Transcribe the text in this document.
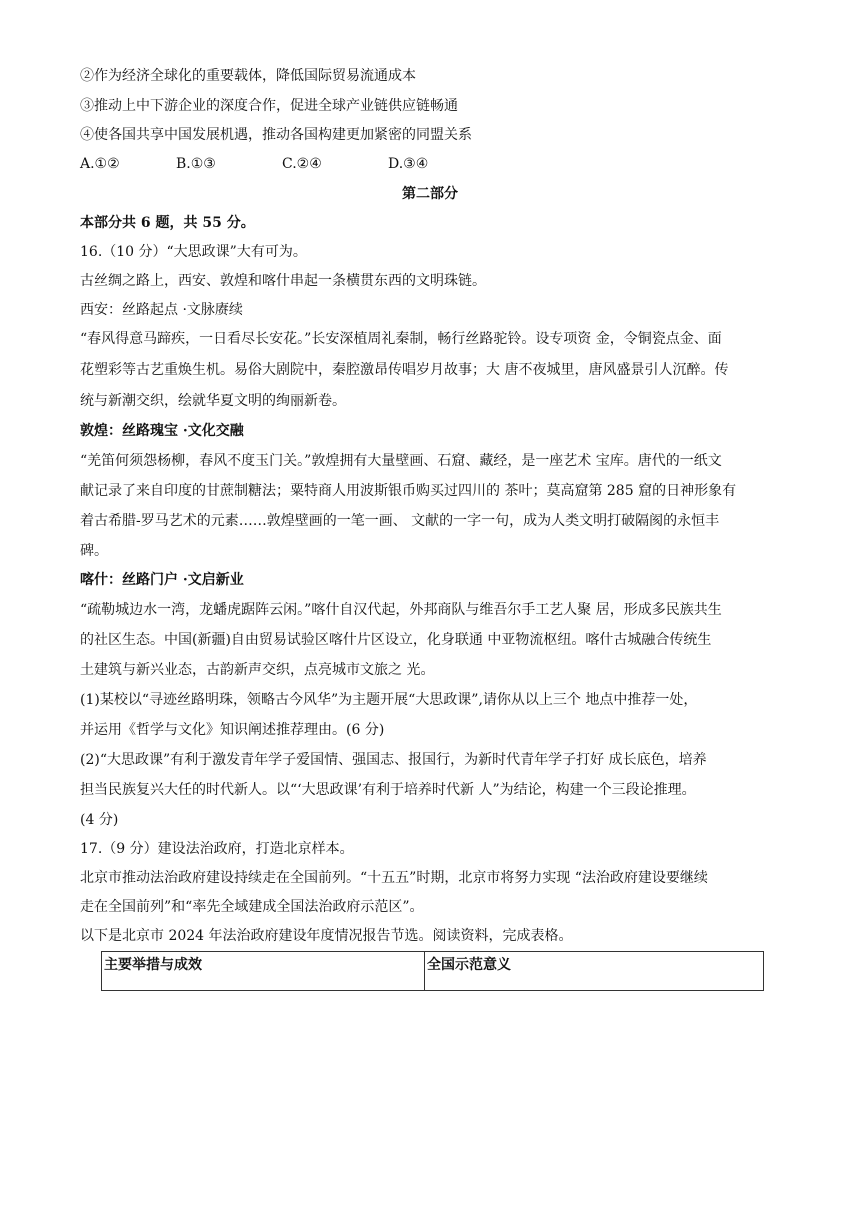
②作为经济全球化的重要载体，降低国际贸易流通成本
③推动上中下游企业的深度合作，促进全球产业链供应链畅通
④使各国共享中国发展机遇，推动各国构建更加紧密的同盟关系
A.①②	B.①③	C.②④	D.③④
第二部分
本部分共 6 题，共 55 分。
16.（10 分）“大思政课”大有可为。
古丝绸之路上，西安、敦煌和喀什串起一条横贯东西的文明珠链。
西安：丝路起点 ·文脉赓续
“春风得意马蹄疾，一日看尽长安花。”长安深植周礼秦制，畅行丝路驼铃。设专项资 金，令铜瓷点金、面
花塑彩等古艺重焕生机。易俗大剧院中，秦腔激昂传唱岁月故事；大 唐不夜城里，唐风盛景引人沉醉。传
统与新潮交织，绘就华夏文明的绚丽新卷。
敦煌：丝路瑰宝 ·文化交融
“羌笛何须怨杨柳，春风不度玉门关。”敦煌拥有大量壁画、石窟、藏经，是一座艺术 宝库。唐代的一纸文
献记录了来自印度的甘蔗制糖法；粟特商人用波斯银币购买过四川的 茶叶；莫高窟第 285 窟的日神形象有
着古希腊-罗马艺术的元素……敦煌壁画的一笔一画、 文献的一字一句，成为人类文明打破隔阂的永恒丰
碑。
喀什：丝路门户 ·文启新业
“疏勒城边水一湾，龙蟠虎踞阵云闲。”喀什自汉代起，外邦商队与维吾尔手工艺人聚 居，形成多民族共生
的社区生态。中国(新疆)自由贸易试验区喀什片区设立，化身联通 中亚物流枢纽。喀什古城融合传统生
土建筑与新兴业态，古韵新声交织，点亮城市文旅之 光。
(1)某校以“寻迹丝路明珠，领略古今风华”为主题开展“大思政课”,请你从以上三个 地点中推荐一处，
并运用《哲学与文化》知识阐述推荐理由。(6 分)
(2)“大思政课”有利于激发青年学子爱国情、强国志、报国行，为新时代青年学子打好 成长底色，培养
担当民族复兴大任的时代新人。以“‘大思政课’有利于培养时代新 人”为结论，构建一个三段论推理。
(4 分)
17.（9 分）建设法治政府，打造北京样本。
北京市推动法治政府建设持续走在全国前列。“十五五”时期，北京市将努力实现 “法治政府建设要继续
走在全国前列”和“率先全域建成全国法治政府示范区”。
以下是北京市 2024 年法治政府建设年度情况报告节选。阅读资料，完成表格。
主要举措与成效	全国示范意义
